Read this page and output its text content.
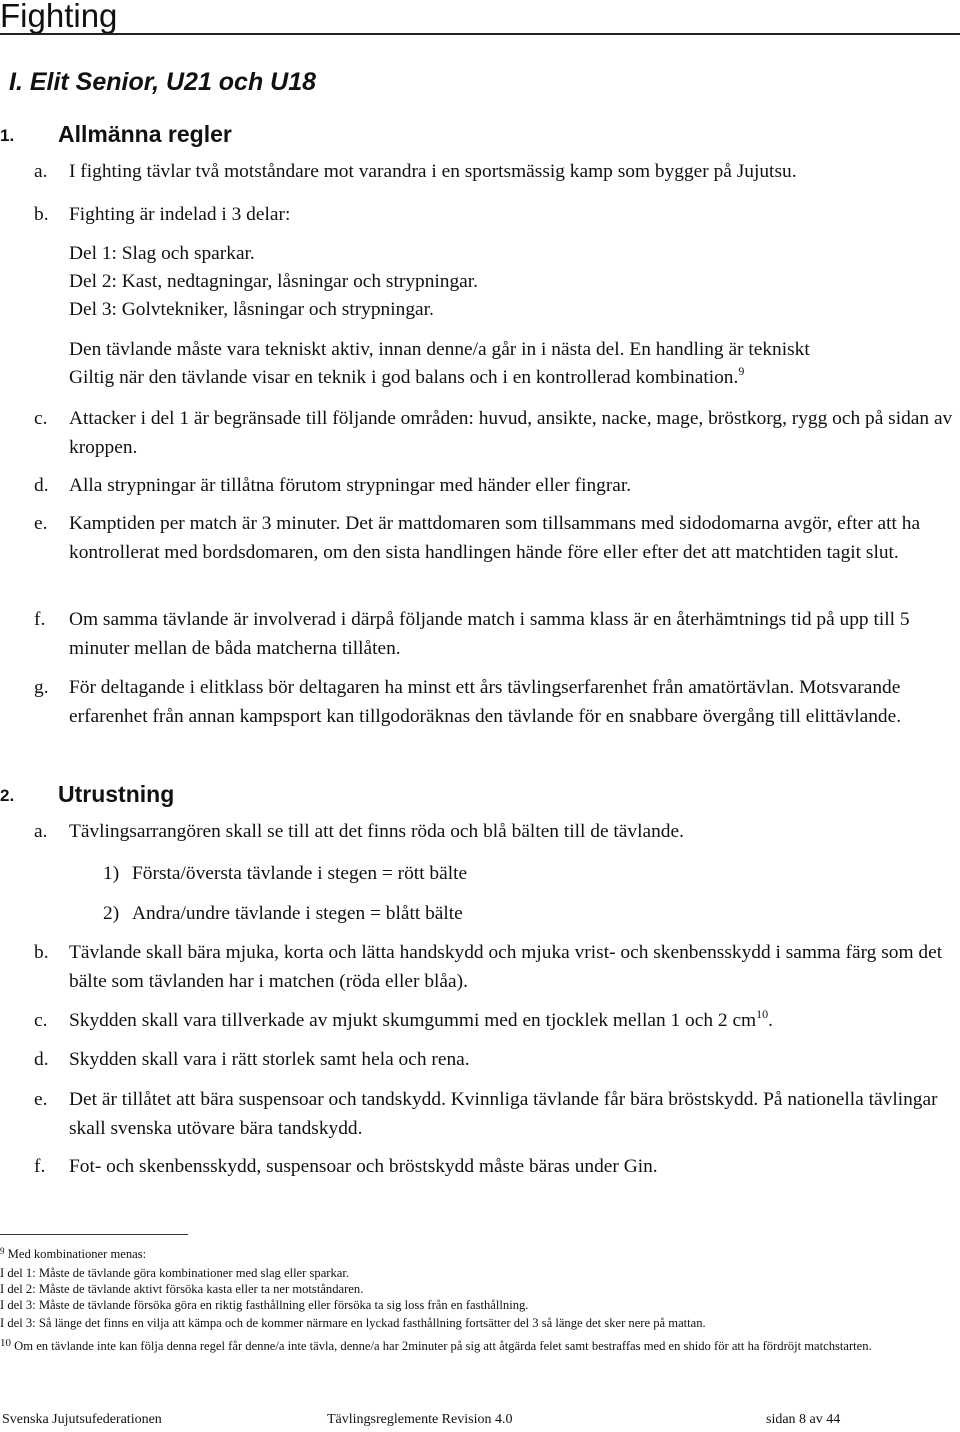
Fighting
I. Elit Senior, U21 och U18
1. Allmänna regler
a. I fighting tävlar två motståndare mot varandra i en sportsmässig kamp som bygger på Jujutsu.
b. Fighting är indelad i 3 delar:
Del 1: Slag och sparkar.
Del 2: Kast, nedtagningar, låsningar och strypningar.
Del 3: Golvtekniker, låsningar och strypningar.
Den tävlande måste vara tekniskt aktiv, innan denne/a går in i nästa del. En handling är tekniskt
Giltig när den tävlande visar en teknik i god balans och i en kontrollerad kombination.$^9$
c. Attacker i del 1 är begränsade till följande områden: huvud, ansikte, nacke, mage, bröstkorg, rygg och på sidan av kroppen.
d. Alla strypningar är tillåtna förutom strypningar med händer eller fingrar.
e. Kamptiden per match är 3 minuter. Det är mattdomaren som tillsammans med sidodomarna avgör, efter att ha kontrollerat med bordsdomaren, om den sista handlingen hände före eller efter det att matchtiden tagit slut.
f. Om samma tävlande är involverad i därpå följande match i samma klass är en återhämtnings tid på upp till 5 minuter mellan de båda matcherna tillåten.
g. För deltagande i elitklass bör deltagaren ha minst ett års tävlingserfarenhet från amatörtävlan. Motsvarande erfarenhet från annan kampsport kan tillgodoräknas den tävlande för en snabbare övergång till elittävlande.
2. Utrustning
a. Tävlingsarrangören skall se till att det finns röda och blå bälten till de tävlande.
1) Första/översta tävlande i stegen = rött bälte
2) Andra/undre tävlande i stegen = blått bälte
b. Tävlande skall bära mjuka, korta och lätta handskydd och mjuka vrist- och skenbensskydd i samma färg som det bälte som tävlanden har i matchen (röda eller blåa).
c. Skydden skall vara tillverkade av mjukt skumgummi med en tjocklek mellan 1 och 2 $cm^{10}$.
d. Skydden skall vara i rätt storlek samt hela och rena.
e. Det är tillåtet att bära suspensoar och tandskydd. Kvinnliga tävlande får bära bröstskydd. På nationella tävlingar skall svenska utövare bära tandskydd.
f. Fot- och skenbensskydd, suspensoar och bröstskydd måste bäras under Gin.
$^9$ Med kombinationer menas:
I del 1: Måste de tävlande göra kombinationer med slag eller sparkar.
I del 2: Måste de tävlande aktivt försöka kasta eller ta ner motståndaren.
I del 3: Måste de tävlande försöka göra en riktig fasthållning eller försöka ta sig loss från en fasthållning.
I del 3: Så länge det finns en vilja att kämpa och de kommer närmare en lyckad fasthållning fortsätter del 3 så länge det sker nere på mattan.
$^{10}$ Om en tävlande inte kan följa denna regel får denne/a inte tävla, denne/a har 2minuter på sig att åtgärda felet samt bestraffas med en shido för att ha fördröjt matchstarten.
Svenska Jujutsufederationen	Tävlingsreglemente Revision 4.0	sidan 8 av 44
